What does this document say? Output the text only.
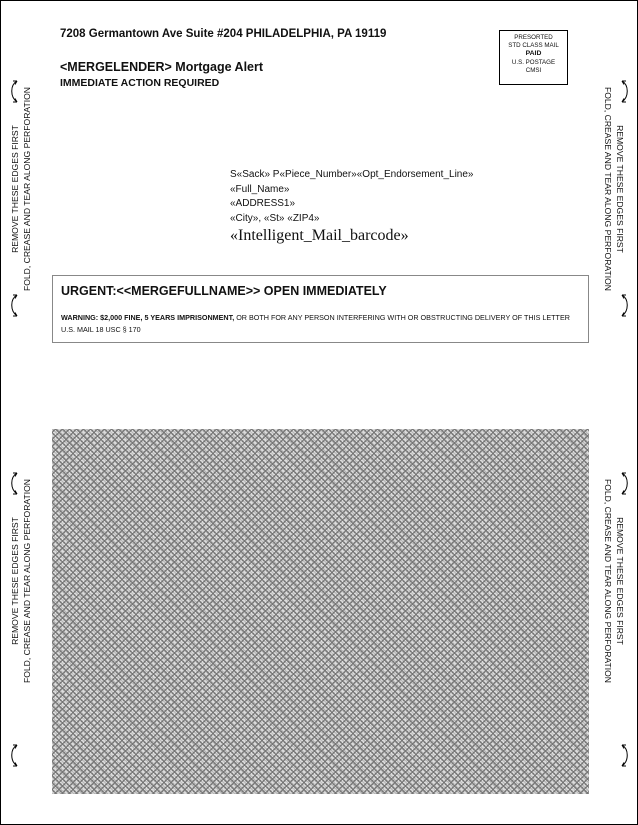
7208 Germantown Ave Suite #204 PHILADELPHIA, PA 19119	PRESORTED
STD CLASS MAIL
PAID
U.S. POSTAGE
CMSI
<MERGELENDER> Mortgage Alert
IMMEDIATE ACTION REQUIRED
S«Sack» P«Piece_Number»«Opt_Endorsement_Line»
«Full_Name»
«ADDRESS1»
«City», «St» «ZIP4»
«Intelligent_Mail_barcode»
URGENT:<<MERGEFULLNAME>> OPEN IMMEDIATELY
WARNING: $2,000 FINE, 5 YEARS IMPRISONMENT, OR BOTH FOR ANY PERSON INTERFERING WITH OR OBSTRUCTING DELIVERY OF THIS LETTER U.S. MAIL 18 USC § 170
REMOVE THESE EDGES FIRST FOLD, CREASE AND TEAR ALONG PERFORATION
REMOVE THESE EDGES FIRST FOLD, CREASE AND TEAR ALONG PERFORATION
REMOVE THESE EDGES FIRST
FOLD, CREASE AND TEAR ALONG PERFORATION
REMOVE THESE EDGES FIRST
FOLD, CREASE AND TEAR ALONG PERFORATION
